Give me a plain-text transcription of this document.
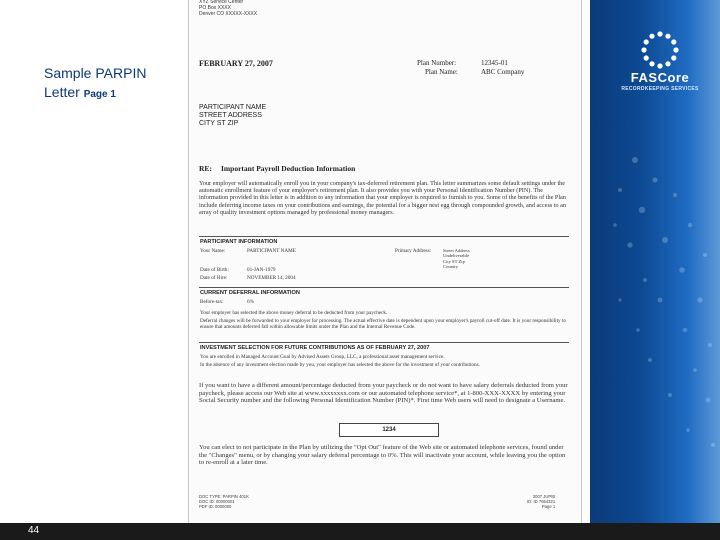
Sample PARPIN
Letter Page 1
FASCore
RECORDKEEPING SERVICES
XYZ Service Center
PO Box XXXX
Denver CO XXXXX-XXXX
FEBRUARY 27, 2007	Plan Number:	12345-01
Plan Name:	ABC Company
PARTICIPANT NAME
STREET ADDRESS
CITY ST ZIP
RE: Important Payroll Deduction Information
Your employer will automatically enroll you in your company's tax-deferred retirement plan. This letter summarizes some default settings under the automatic enrollment feature of your employer's retirement plan. It also provides you with your Personal Identification Number (PIN). The information provided in this letter is in addition to any information that your employer is required to furnish to you. Some of the benefits of the Plan include deferring income taxes on your contributions and earnings, the potential for a bigger nest egg through compounded growth, and access to an array of quality investment options managed by professional money managers.
PARTICIPANT INFORMATION
Your Name:	PARTICIPANT NAME	Primary Address:	Street Address
Undeliverable
City ST Zip
Country
Date of Birth:	01-JAN-1979
Date of Hire:	NOVEMBER 14, 2004
CURRENT DEFERRAL INFORMATION
Before-tax:	6%
Your employer has selected the above money deferral to be deducted from your paycheck.
Deferral changes will be forwarded to your employer for processing. The actual effective date is dependent upon your employer's payroll cut-off date. It is your responsibility to ensure that amounts deferred fall within allowable limits under the Plan and the Internal Revenue Code.
INVESTMENT SELECTION FOR FUTURE CONTRIBUTIONS AS OF FEBRUARY 27, 2007
You are enrolled in Managed Account Goal by Advised Assets Group, LLC, a professional asset management service.
In the absence of any investment election made by you, your employer has selected the above for the investment of your contributions.
If you want to have a different amount/percentage deducted from your paycheck or do not want to have salary deferrals deducted from your paycheck, please access our Web site at www.xxxxxxxx.com or our automated telephone service*, at 1-800-XXX-XXXX by entering your Social Security number and the following Personal Identification Number (PIN)*. First time Web users will need to designate a Username.
1234
You can elect to not participate in the Plan by utilizing the "Opt Out" feature of the Web site or automated telephone services, found under the "Changes" menu, or by changing your salary deferral percentage to 0%. This will inactivate your account, while leaving you the option to re-enroll at a later time.
DOC TYPE: PARPIN 401K
DOC ID: 00000001
PDF ID: 0000000
2007 JUPIB
ID: ID 7654321
Page 1
44
